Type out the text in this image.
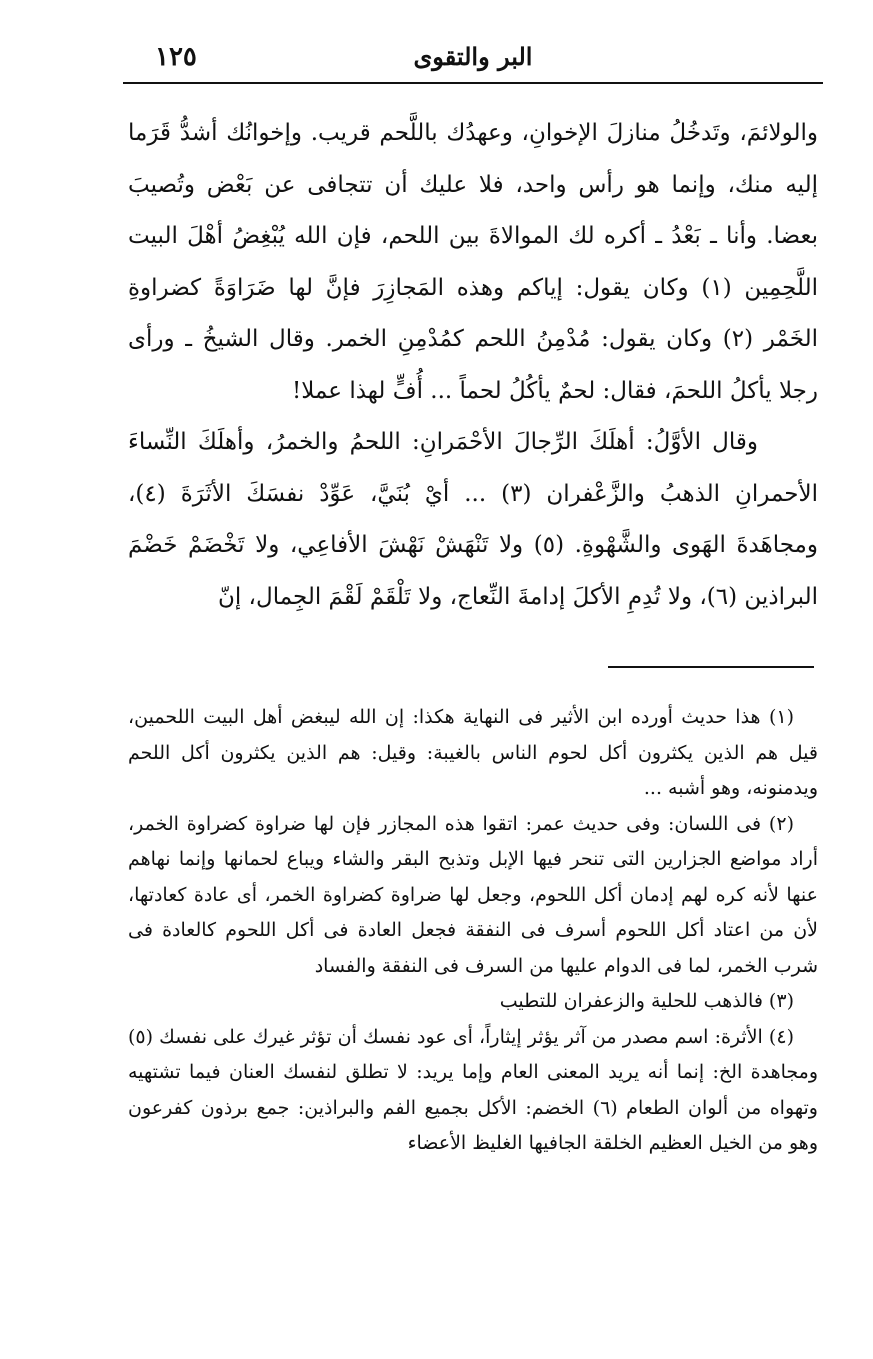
١٢٥	البر والتقوى

والولائمَ، وتَدخُلُ منازلَ الإخوانِ، وعهدُك باللَّحم قريب. وإخوانُك أشدُّ قَرَما إليه منك، وإنما هو رأس واحد، فلا عليك أن تتجافى عن بَعْض وتُصيبَ بعضا. وأنا ـ بَعْدُ ـ أكره لك الموالاةَ بين اللحم، فإن الله يُبْغِضُ أهْلَ البيت اللَّحِمِين (١) وكان يقول: إياكم وهذه المَجازِرَ فإنَّ لها ضَرَاوَةً كضراوةِ الخَمْر (٢) وكان يقول: مُدْمِنُ اللحم كمُدْمِنِ الخمر. وقال الشيخُ ـ ورأى رجلا يأكلُ اللحمَ، فقال: لحمٌ يأكُلُ لحماً ... أُفٍّ لهذا عملا!

وقال الأوَّلُ: أهلَكَ الرِّجالَ الأحْمَرانِ: اللحمُ والخمرُ، وأهلَكَ النِّساءَ الأحمرانِ الذهبُ والزَّعْفران (٣) ... أيْ بُنَيَّ، عَوِّدْ نفسَكَ الأثَرَةَ (٤)، ومجاهَدةَ الهَوى والشَّهْوةِ. (٥) ولا تَنْهَشْ نَهْشَ الأفاعِي، ولا تَخْضَمْ خَضْمَ البراذين (٦)، ولا تُدِمِ الأكلَ إدامةَ النِّعاج، ولا تَلْقَمْ لَقْمَ الجِمال، إنّ

(١) هذا حديث أورده ابن الأثير فى النهاية هكذا: إن الله ليبغض أهل البيت اللحمين، قيل هم الذين يكثرون أكل لحوم الناس بالغيبة: وقيل: هم الذين يكثرون أكل اللحم ويدمنونه، وهو أشبه ...

(٢) فى اللسان: وفى حديث عمر: اتقوا هذه المجازر فإن لها ضراوة كضراوة الخمر، أراد مواضع الجزارين التى تنحر فيها الإبل وتذبح البقر والشاء ويباع لحمانها وإنما نهاهم عنها لأنه كره لهم إدمان أكل اللحوم، وجعل لها ضراوة كضراوة الخمر، أى عادة كعادتها، لأن من اعتاد أكل اللحوم أسرف فى النفقة فجعل العادة فى أكل اللحوم كالعادة فى شرب الخمر، لما فى الدوام عليها من السرف فى النفقة والفساد

(٣) فالذهب للحلية والزعفران للتطيب

(٤) الأثرة: اسم مصدر من آثر يؤثر إيثاراً، أى عود نفسك أن تؤثر غيرك على نفسك (٥) ومجاهدة الخ: إنما أنه يريد المعنى العام وإما يريد: لا تطلق لنفسك العنان فيما تشتهيه وتهواه من ألوان الطعام (٦) الخضم: الأكل بجميع الفم والبراذين: جمع برذون كفرعون وهو من الخيل العظيم الخلقة الجافيها الغليظ الأعضاء
